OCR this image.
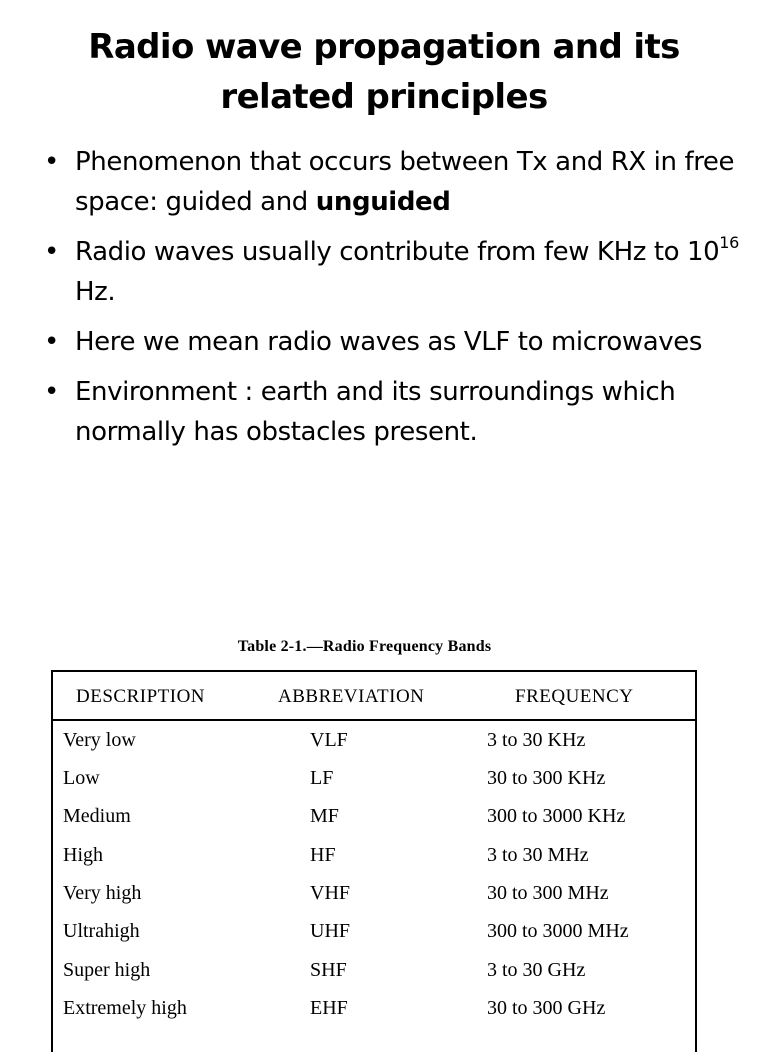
Radio wave propagation and its related principles
• Phenomenon that occurs between Tx and RX in free space: guided and unguided
• Radio waves usually contribute from few KHz to $10^{16}$ Hz.
• Here we mean radio waves as VLF to microwaves
• Environment : earth and its surroundings which normally has obstacles present.
Table 2-1.—Radio Frequency Bands
DESCRIPTION	ABBREVIATION	FREQUENCY
Very low	VLF	3 to 30 KHz
Low	LF	30 to 300 KHz
Medium	MF	300 to 3000 KHz
High	HF	3 to 30 MHz
Very high	VHF	30 to 300 MHz
Ultrahigh	UHF	300 to 3000 MHz
Super high	SHF	3 to 30 GHz
Extremely high	EHF	30 to 300 GHz
